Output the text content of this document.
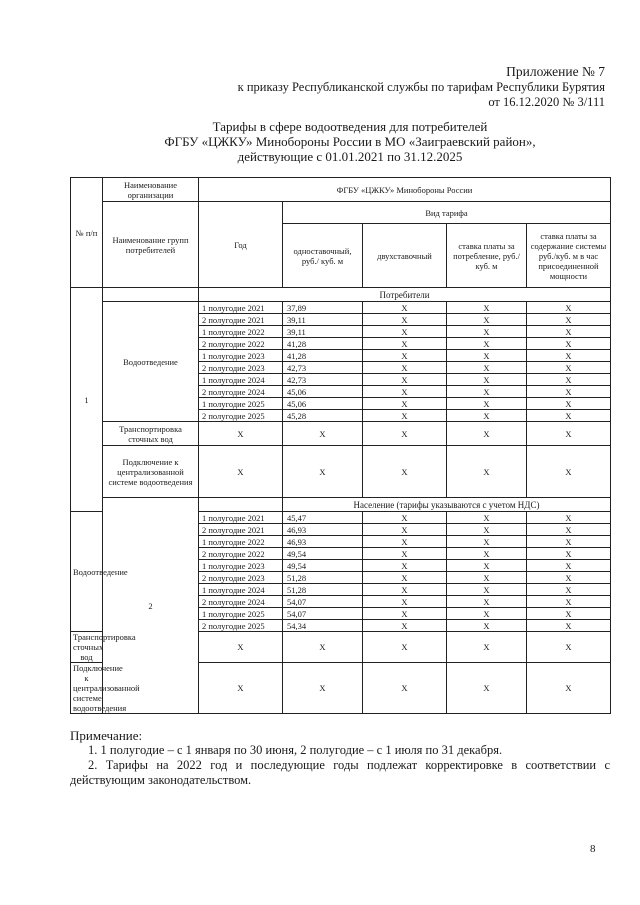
Приложение № 7
к приказу Республиканской службы по тарифам Республики Бурятия
от 16.12.2020 № 3/111
Тарифы в сфере водоотведения для потребителей
ФГБУ «ЦЖКУ» Минобороны России в МО «Заиграевский район»,
действующие с 01.01.2021 по 31.12.2025
№ п/п	Наименование организации	ФГБУ «ЦЖКУ» Минобороны России				
	Наименование групп потребителей	Год	Вид тарифа			
			одноставочный, руб./ куб. м	двухставочный	ставка платы за потребление, руб./ куб. м	ставка платы за содержание системы руб./куб. м в час присоединенной мощности
1		Потребители				
	Водоотведение	1 полугодие 2021	37,89	Х	Х	Х
		2 полугодие 2021	39,11	Х	Х	Х
		1 полугодие 2022	39,11	Х	Х	Х
		2 полугодие 2022	41,28	Х	Х	Х
		1 полугодие 2023	41,28	Х	Х	Х
		2 полугодие 2023	42,73	Х	Х	Х
		1 полугодие 2024	42,73	Х	Х	Х
		2 полугодие 2024	45,06	Х	Х	Х
		1 полугодие 2025	45,06	Х	Х	Х
		2 полугодие 2025	45,28	Х	Х	Х
	Транспортировка сточных вод	Х	Х	Х	Х	Х
	Подключение к централизованной системе водоотведения	Х	Х	Х	Х	Х
	2		Население (тарифы указываются с учетом НДС)			
Водоотведение		1 полугодие 2021	45,47	Х	Х	Х
		2 полугодие 2021	46,93	Х	Х	Х
		1 полугодие 2022	46,93	Х	Х	Х
		2 полугодие 2022	49,54	Х	Х	Х
		1 полугодие 2023	49,54	Х	Х	Х
		2 полугодие 2023	51,28	Х	Х	Х
		1 полугодие 2024	51,28	Х	Х	Х
		2 полугодие 2024	54,07	Х	Х	Х
		1 полугодие 2025	54,07	Х	Х	Х
		2 полугодие 2025	54,34	Х	Х	Х
Транспортировка сточных вод		Х	Х	Х	Х	Х
Подключение к централизованной системе водоотведения		Х	Х	Х	Х	Х
Примечание:
1. 1 полугодие – с 1 января по 30 июня, 2 полугодие – с 1 июля по 31 декабря.
2. Тарифы на 2022 год и последующие годы подлежат корректировке в соответствии с действующим законодательством.
8
